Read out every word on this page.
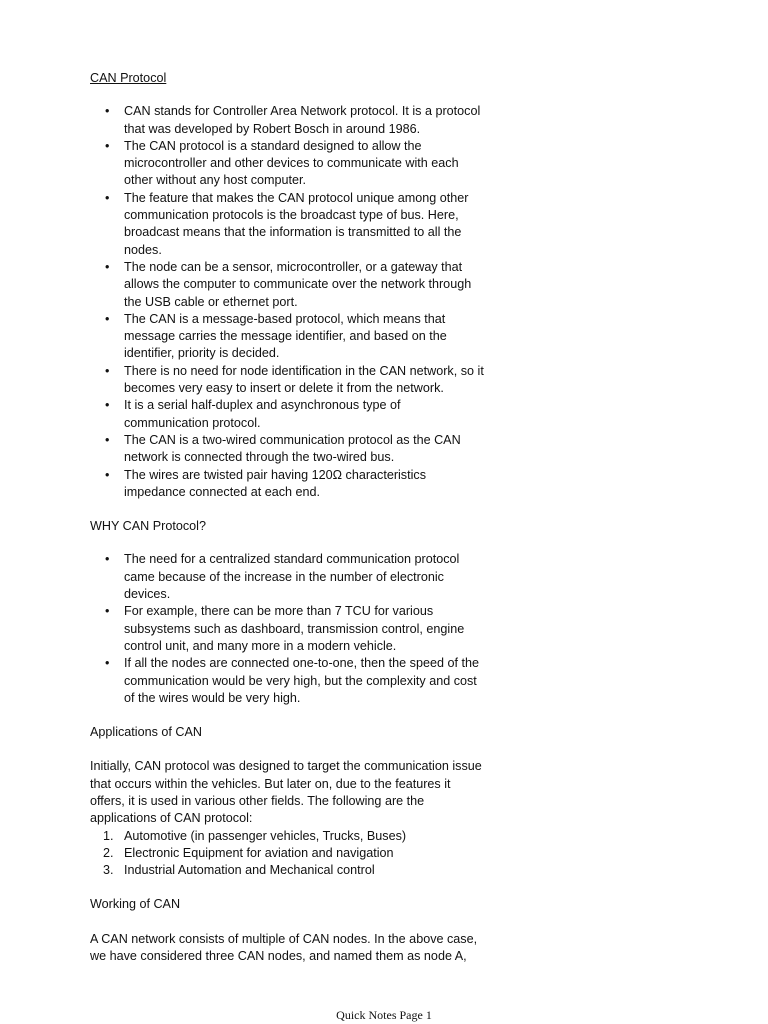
CAN Protocol

• CAN stands for Controller Area Network protocol. It is a protocol that was developed by Robert Bosch in around 1986.
• The CAN protocol is a standard designed to allow the microcontroller and other devices to communicate with each other without any host computer.
• The feature that makes the CAN protocol unique among other communication protocols is the broadcast type of bus. Here, broadcast means that the information is transmitted to all the nodes.
• The node can be a sensor, microcontroller, or a gateway that allows the computer to communicate over the network through the USB cable or ethernet port.
• The CAN is a message-based protocol, which means that message carries the message identifier, and based on the identifier, priority is decided.
• There is no need for node identification in the CAN network, so it becomes very easy to insert or delete it from the network.
• It is a serial half-duplex and asynchronous type of communication protocol.
• The CAN is a two-wired communication protocol as the CAN network is connected through the two-wired bus.
• The wires are twisted pair having 120Ω characteristics impedance connected at each end.

WHY CAN Protocol?

• The need for a centralized standard communication protocol came because of the increase in the number of electronic devices.
• For example, there can be more than 7 TCU for various subsystems such as dashboard, transmission control, engine control unit, and many more in a modern vehicle.
• If all the nodes are connected one-to-one, then the speed of the communication would be very high, but the complexity and cost of the wires would be very high.

Applications of CAN

Initially, CAN protocol was designed to target the communication issue that occurs within the vehicles. But later on, due to the features it offers, it is used in various other fields. The following are the applications of CAN protocol:

1. Automotive (in passenger vehicles, Trucks, Buses)
2. Electronic Equipment for aviation and navigation
3. Industrial Automation and Mechanical control

Working of CAN

A CAN network consists of multiple of CAN nodes. In the above case, we have considered three CAN nodes, and named them as node A,

Quick Notes Page 1
